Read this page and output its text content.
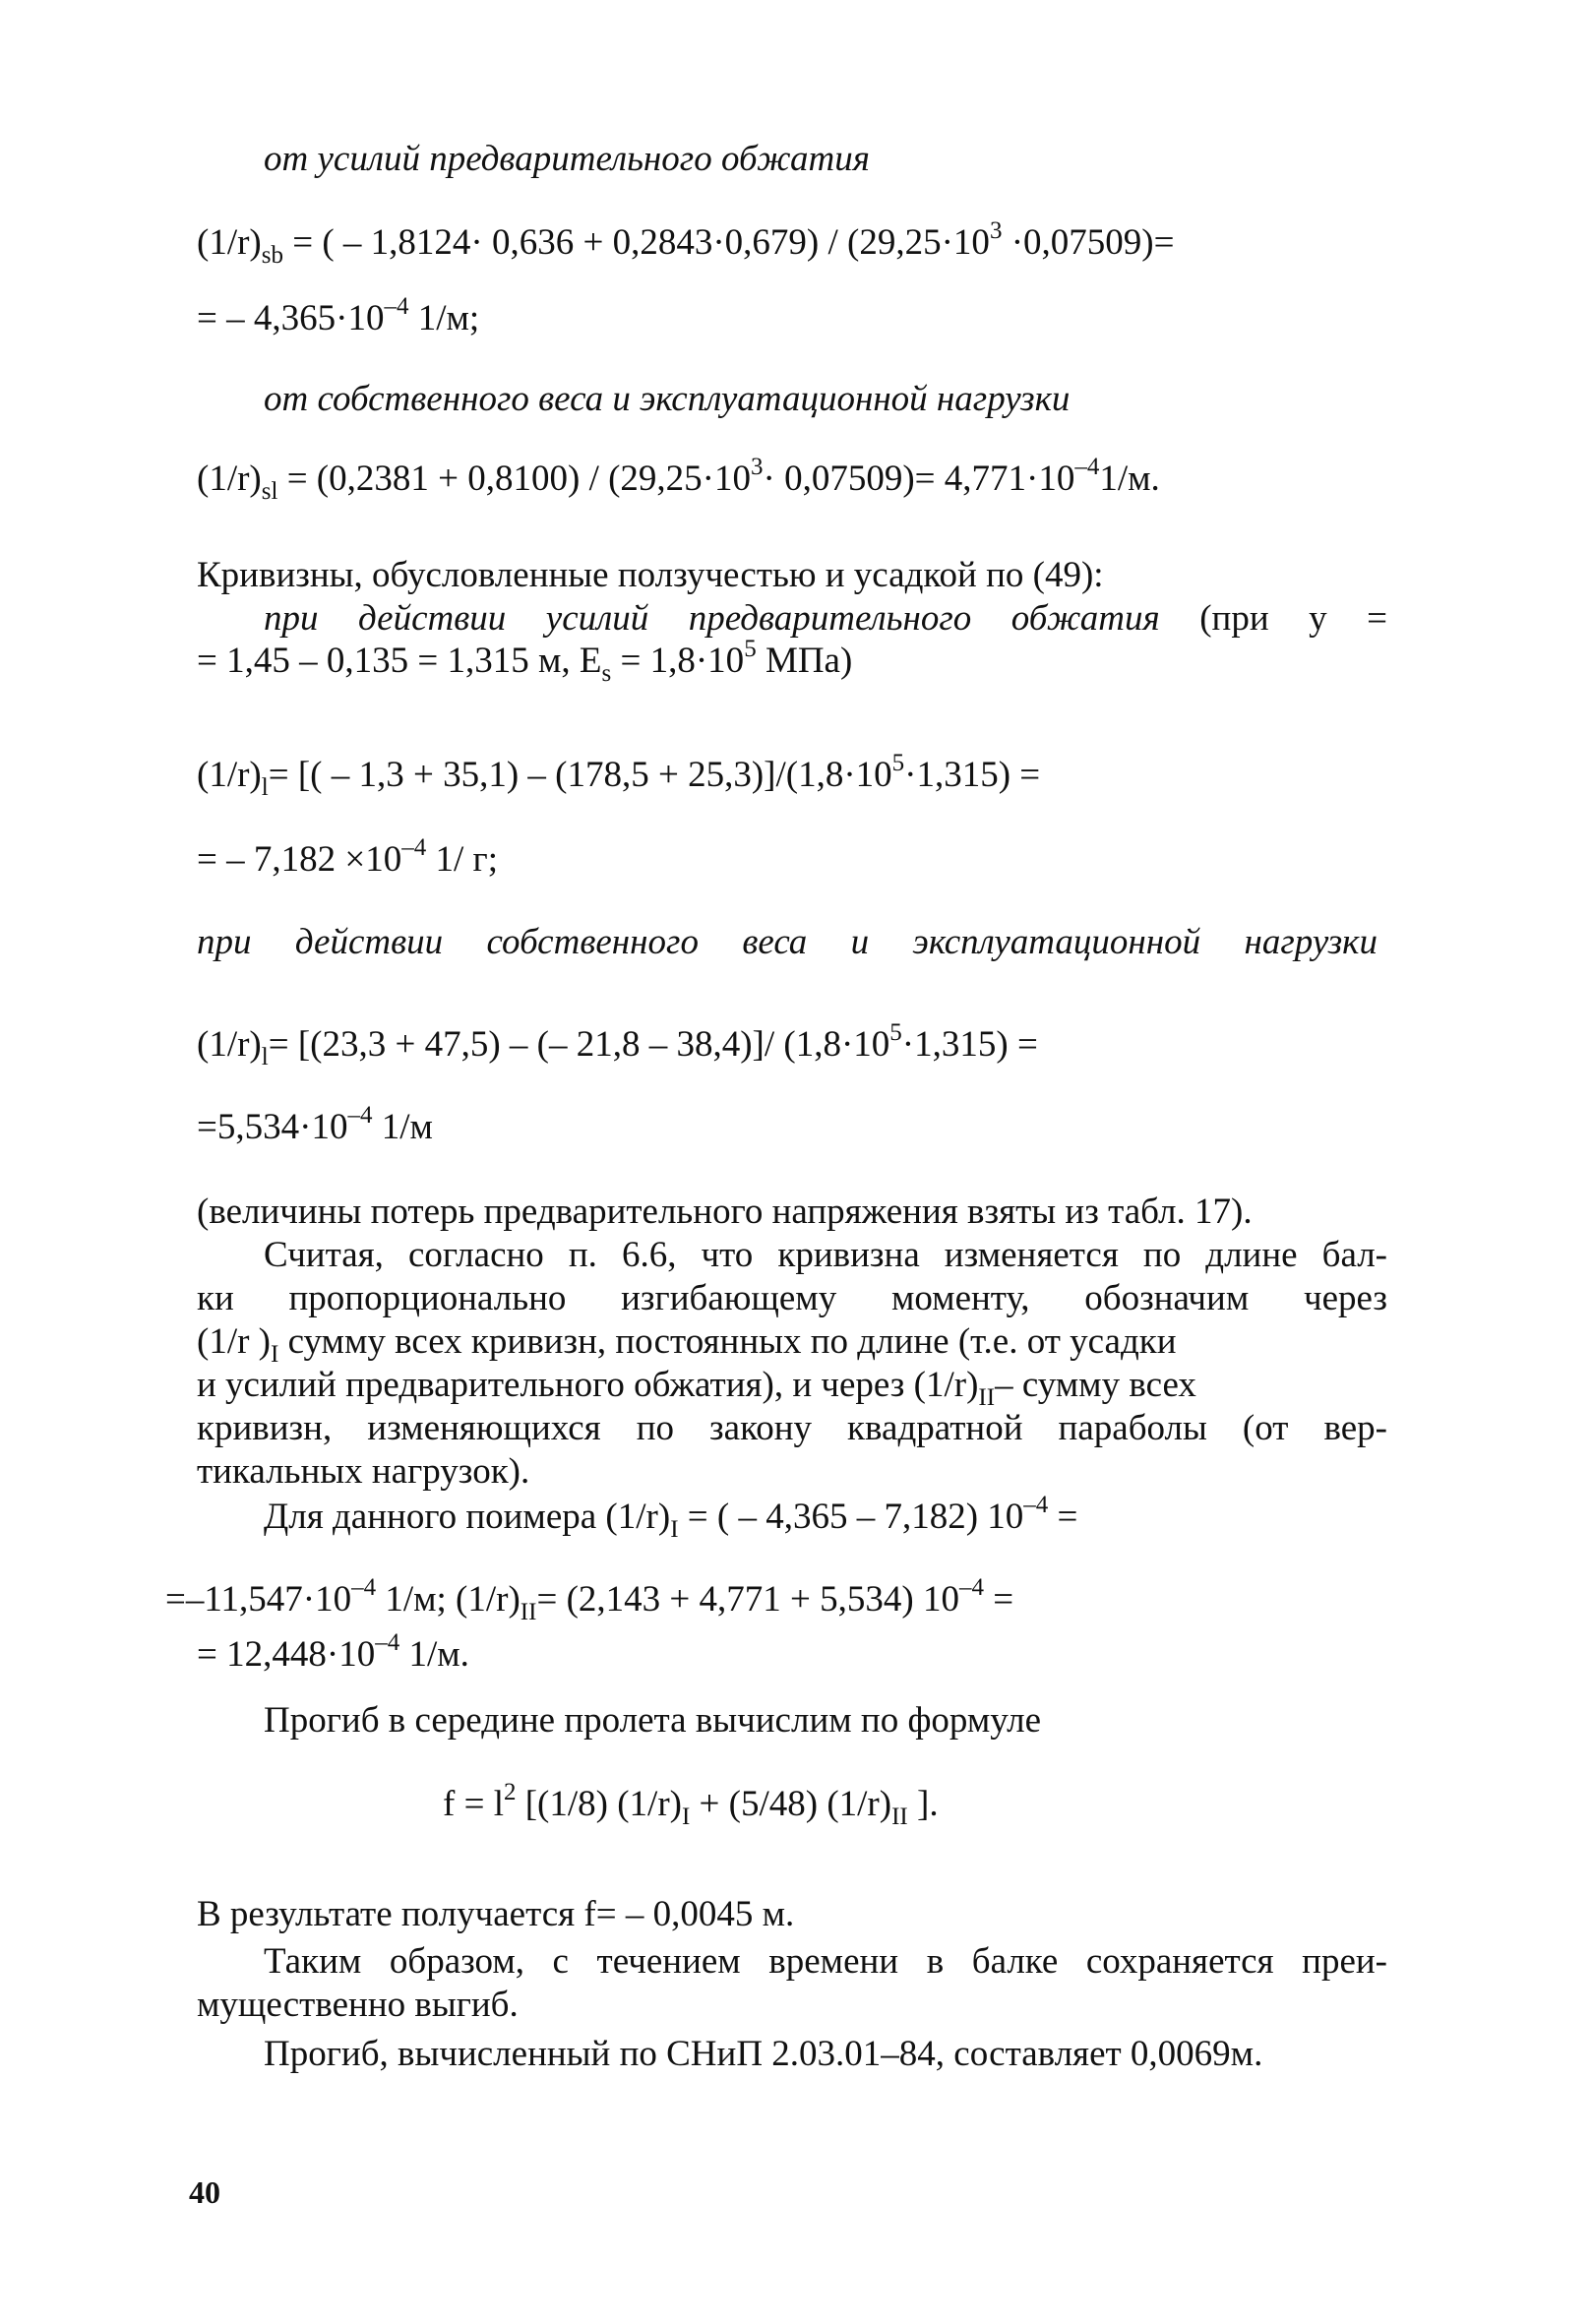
от усилий предварительного обжатия
$(1/r)_{sb}$ = ( – $1,8124\cdot 0,636 + 0,2843\cdot 0,679) / (29,25\cdot 10^3 \cdot 0,07509)=$
= – $4,365\cdot 10^{-4}$ 1/м;
от собственного веса и эксплуатационной нагрузки
$(1/r)_{sl} = (0,2381 + 0,8100) / (29,25\cdot 10^3\cdot 0,07509)= 4,771\cdot 10^{-4}1/м$.
Кривизны, обусловленные ползучестью и усадкой по (49):
при действии усилий предварительного обжатия (при y =
= 1,45 – 0,135 = 1,315 м, $E_s = 1,8\cdot 10^5$ МПа)
$(1/r)_l=$ [( – $1,3 + 35,1) - (178,5 + 25,3)]/(1,8\cdot 10^5\cdot 1,315)$ =
= – $7,182 \times 10^{-4}$ 1/ г;
при действии собственного веса и эксплуатационной нагрузки
$(1/r)_l= [(23,3 + 47,5)$ – (– 21,8 – 38,4)]/ $(1,8\cdot 10^5\cdot 1,315)$ =
$=5,534\cdot 10^{-4}$ 1/м
(величины потерь предварительного напряжения взяты из табл. 17).
Считая, согласно п. 6.6, что кривизна изменяется по длине бал-
ки пропорционально изгибающему моменту, обозначим через
(1/r )$_I$ сумму всех кривизн, постоянных по длине (т.е. от усадки
и усилий предварительного обжатия), и через $(1/r)_{II}-$ сумму всех
кривизн, изменяющихся по закону квадратной параболы (от вер-
тикальных нагрузок).
Для данного поимера $(1/r)_I$ = ( – 4,365 – 7,182) $10^{-4}$ =
$=-11,547\cdot 10^{-4}$ 1/м; $(1/r)_{II}= (2,143 + 4,771 + 5,534) 10^{-4}$ =
= $12,448\cdot 10^{-4}$ 1/м.
Прогиб в середине пролета вычислим по формуле
$f = l^2$ [(1/8) $(1/r)_I + (5/48)$ $(1/r)_{II}$ ].
В результате получается f= – 0,0045 м.
Таким образом, с течением времени в балке сохраняется преи-
мущественно выгиб.
Прогиб, вычисленный по СНиП 2.03.01–84, составляет 0,0069м.
40
